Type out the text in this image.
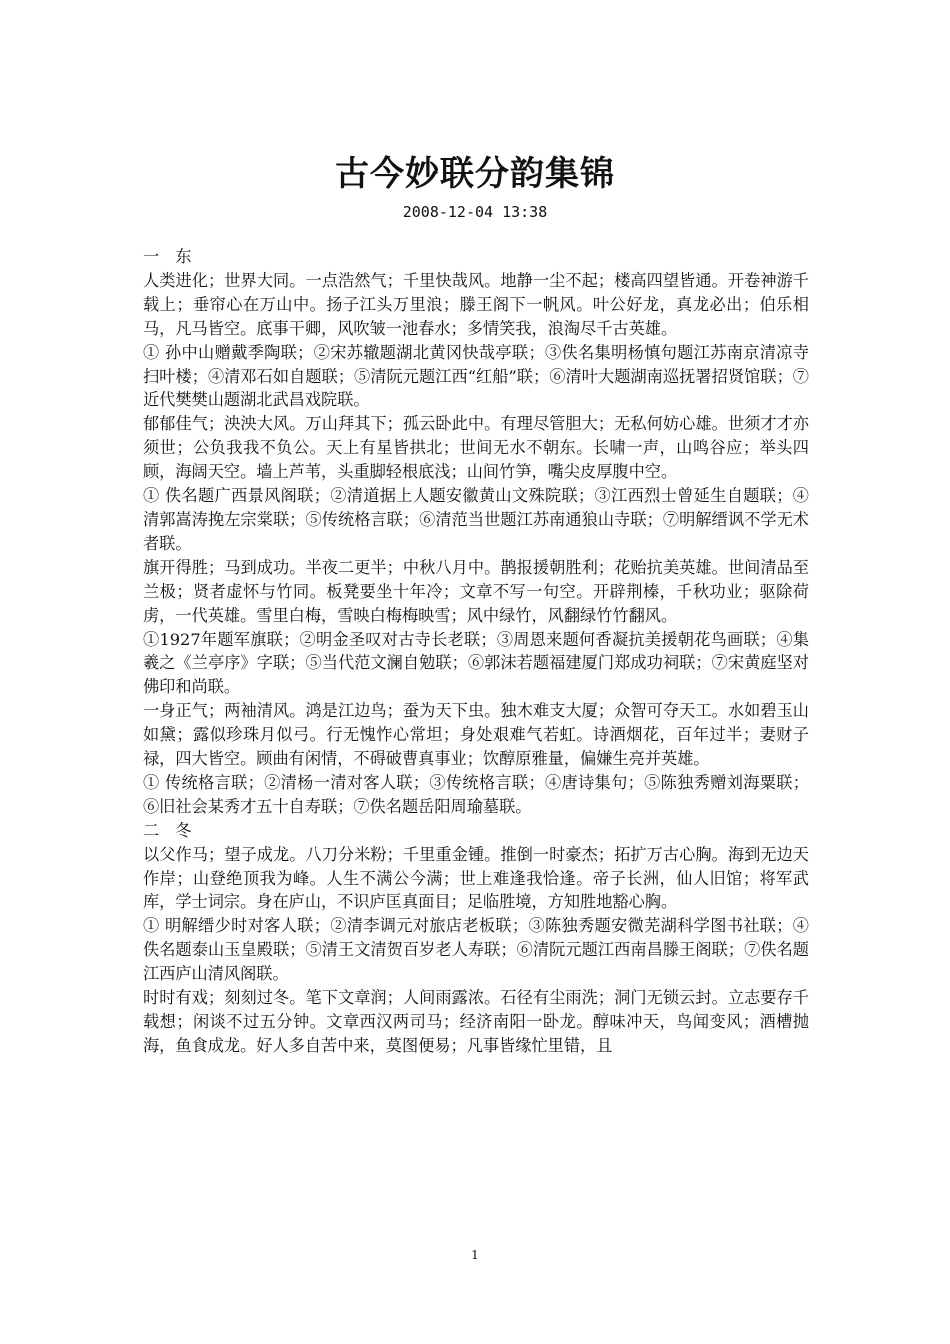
古今妙联分韵集锦
2008-12-04 13:38

一　东

人类进化；世界大同。一点浩然气；千里快哉风。地静一尘不起；楼高四望皆通。开卷神游千载上；垂帘心在万山中。扬子江头万里浪；滕王阁下一帆风。叶公好龙，真龙必出；伯乐相马，凡马皆空。底事干卿，风吹皱一池春水；多情笑我，浪淘尽千古英雄。

① 孙中山赠戴季陶联；②宋苏辙题湖北黄冈快哉亭联；③佚名集明杨慎句题江苏南京清凉寺扫叶楼；④清邓石如自题联；⑤清阮元题江西“红船”联；⑥清叶大题湖南巡抚署招贤馆联；⑦近代樊樊山题湖北武昌戏院联。

郁郁佳气；泱泱大风。万山拜其下；孤云卧此中。有理尽管胆大；无私何妨心雄。世须才才亦须世；公负我我不负公。天上有星皆拱北；世间无水不朝东。长啸一声，山鸣谷应；举头四顾，海阔天空。墙上芦苇，头重脚轻根底浅；山间竹笋，嘴尖皮厚腹中空。

① 佚名题广西景风阁联；②清道据上人题安徽黄山文殊院联；③江西烈士曾延生自题联；④清郭嵩涛挽左宗棠联；⑤传统格言联；⑥清范当世题江苏南通狼山寺联；⑦明解缙讽不学无术者联。

旗开得胜；马到成功。半夜二更半；中秋八月中。鹊报援朝胜利；花贻抗美英雄。世间清品至兰极；贤者虚怀与竹同。板凳要坐十年冷；文章不写一句空。开辟荆榛，千秋功业；驱除荷虏，一代英雄。雪里白梅，雪映白梅梅映雪；风中绿竹，风翻绿竹竹翻风。

①1927年题军旗联；②明金圣叹对古寺长老联；③周恩来题何香凝抗美援朝花鸟画联；④集羲之《兰亭序》字联；⑤当代范文澜自勉联；⑥郭沫若题福建厦门郑成功祠联；⑦宋黄庭坚对佛印和尚联。

一身正气；两袖清风。鸿是江边鸟；蚕为天下虫。独木难支大厦；众智可夺天工。水如碧玉山如黛；露似珍珠月似弓。行无愧怍心常坦；身处艰难气若虹。诗酒烟花，百年过半；妻财子禄，四大皆空。顾曲有闲情，不碍破曹真事业；饮醇原雅量，偏嫌生亮并英雄。

① 传统格言联；②清杨一清对客人联；③传统格言联；④唐诗集句；⑤陈独秀赠刘海粟联；⑥旧社会某秀才五十自寿联；⑦佚名题岳阳周瑜墓联。

二　冬

以父作马；望子成龙。八刀分米粉；千里重金锺。推倒一时豪杰；拓扩万古心胸。海到无边天作岸；山登绝顶我为峰。人生不满公今满；世上难逢我恰逢。帝子长洲，仙人旧馆；将军武库，学士词宗。身在庐山，不识庐匡真面目；足临胜境，方知胜地豁心胸。

① 明解缙少时对客人联；②清李调元对旅店老板联；③陈独秀题安微芜湖科学图书社联；④佚名题泰山玉皇殿联；⑤清王文清贺百岁老人寿联；⑥清阮元题江西南昌滕王阁联；⑦佚名题江西庐山清风阁联。

时时有戏；刻刻过冬。笔下文章润；人间雨露浓。石径有尘雨洗；洞门无锁云封。立志要存千载想；闲谈不过五分钟。文章西汉两司马；经济南阳一卧龙。醇味冲天，鸟闻变风；酒槽抛海，鱼食成龙。好人多自苦中来，莫图便易；凡事皆缘忙里错，且

1
